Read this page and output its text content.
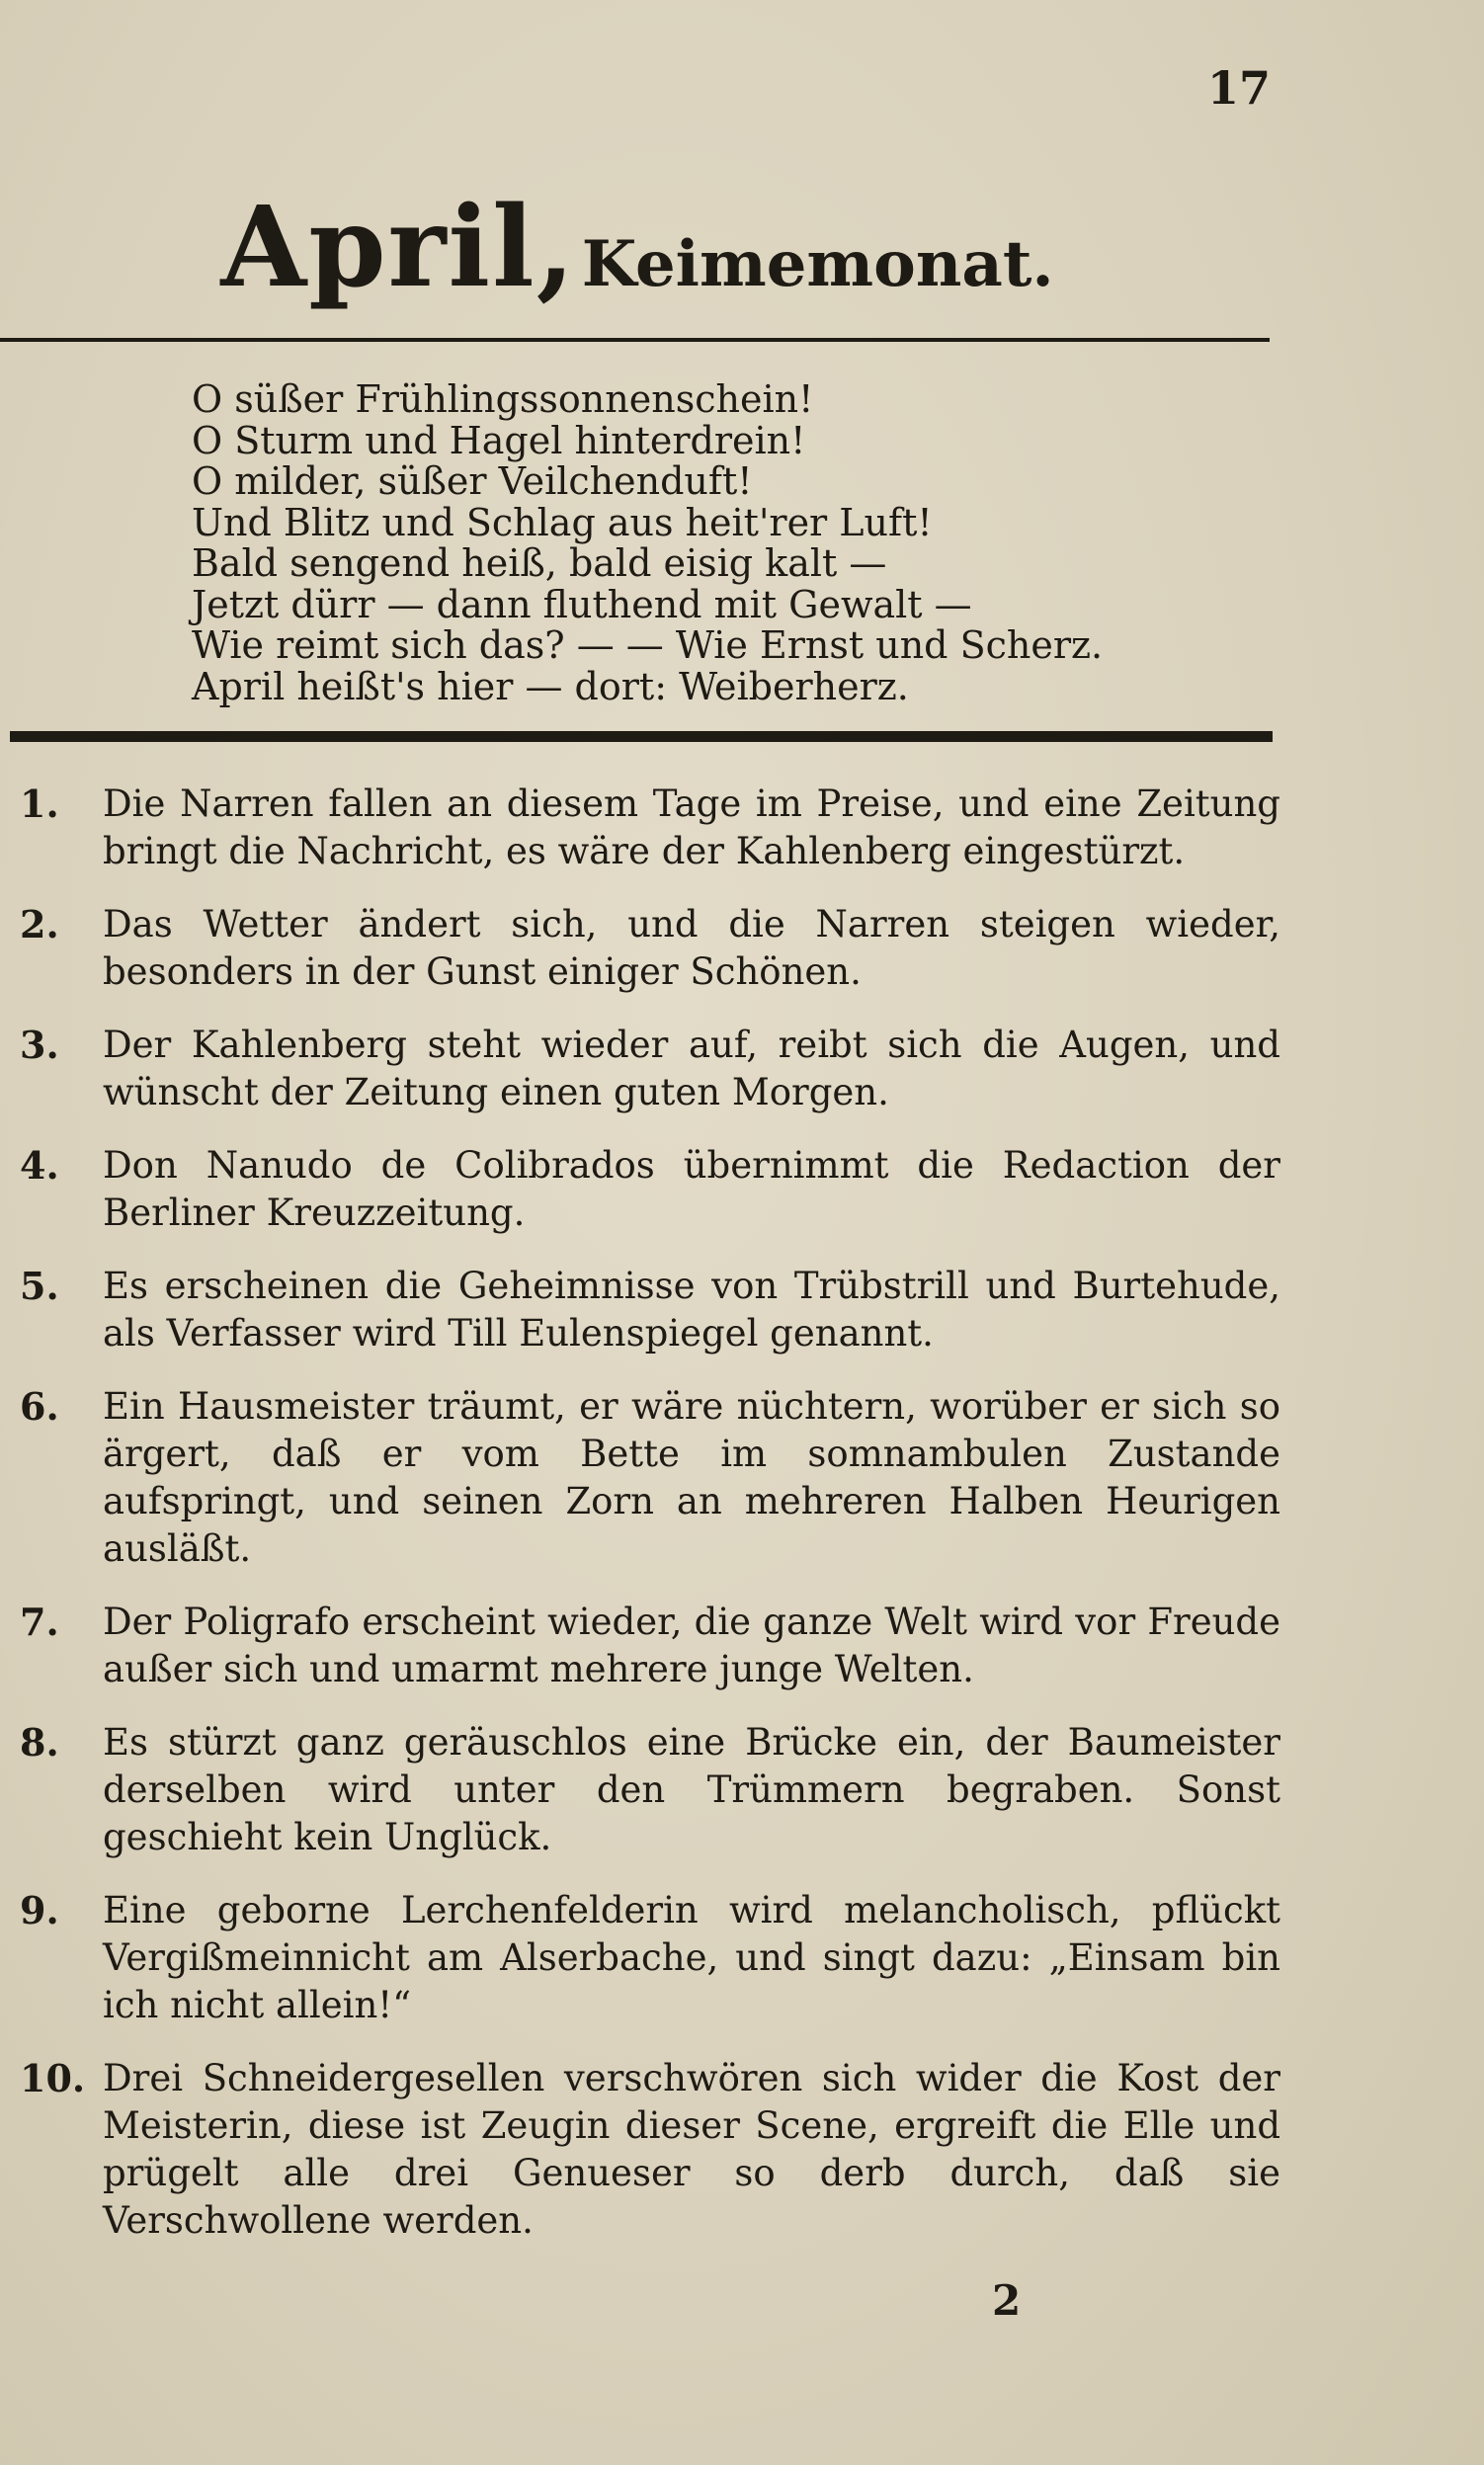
17
April, Keimemonat.
O süßer Frühlingssonnenschein!
O Sturm und Hagel hinterdrein!
O milder, süßer Veilchenduft!
Und Blitz und Schlag aus heit'rer Luft!
Bald sengend heiß, bald eisig kalt —
Jetzt dürr — dann fluthend mit Gewalt —
Wie reimt sich das? — — Wie Ernst und Scherz.
April heißt's hier — dort: Weiberherz.
1.	Die Narren fallen an diesem Tage im Preise, und eine Zeitung bringt die Nachricht, es wäre der Kahlenberg eingestürzt.
2.	Das Wetter ändert sich, und die Narren steigen wieder, besonders in der Gunst einiger Schönen.
3.	Der Kahlenberg steht wieder auf, reibt sich die Augen, und wünscht der Zeitung einen guten Morgen.
4.	Don Nanudo de Colibrados übernimmt die Redaction der Berliner Kreuzzeitung.
5.	Es erscheinen die Geheimnisse von Trübstrill und Burtehude, als Verfasser wird Till Eulenspiegel genannt.
6.	Ein Hausmeister träumt, er wäre nüchtern, worüber er sich so ärgert, daß er vom Bette im somnambulen Zustande aufspringt, und seinen Zorn an mehreren Halben Heurigen ausläßt.
7.	Der Poligrafo erscheint wieder, die ganze Welt wird vor Freude außer sich und umarmt mehrere junge Welten.
8.	Es stürzt ganz geräuschlos eine Brücke ein, der Baumeister derselben wird unter den Trümmern begraben. Sonst geschieht kein Unglück.
9.	Eine geborne Lerchenfelderin wird melancholisch, pflückt Vergißmeinnicht am Alserbache, und singt dazu: „Einsam bin ich nicht allein!“
10. Drei Schneidergesellen verschwören sich wider die Kost der Meisterin, diese ist Zeugin dieser Scene, ergreift die Elle und prügelt alle drei Genueser so derb durch, daß sie Verschwollene werden.
2
